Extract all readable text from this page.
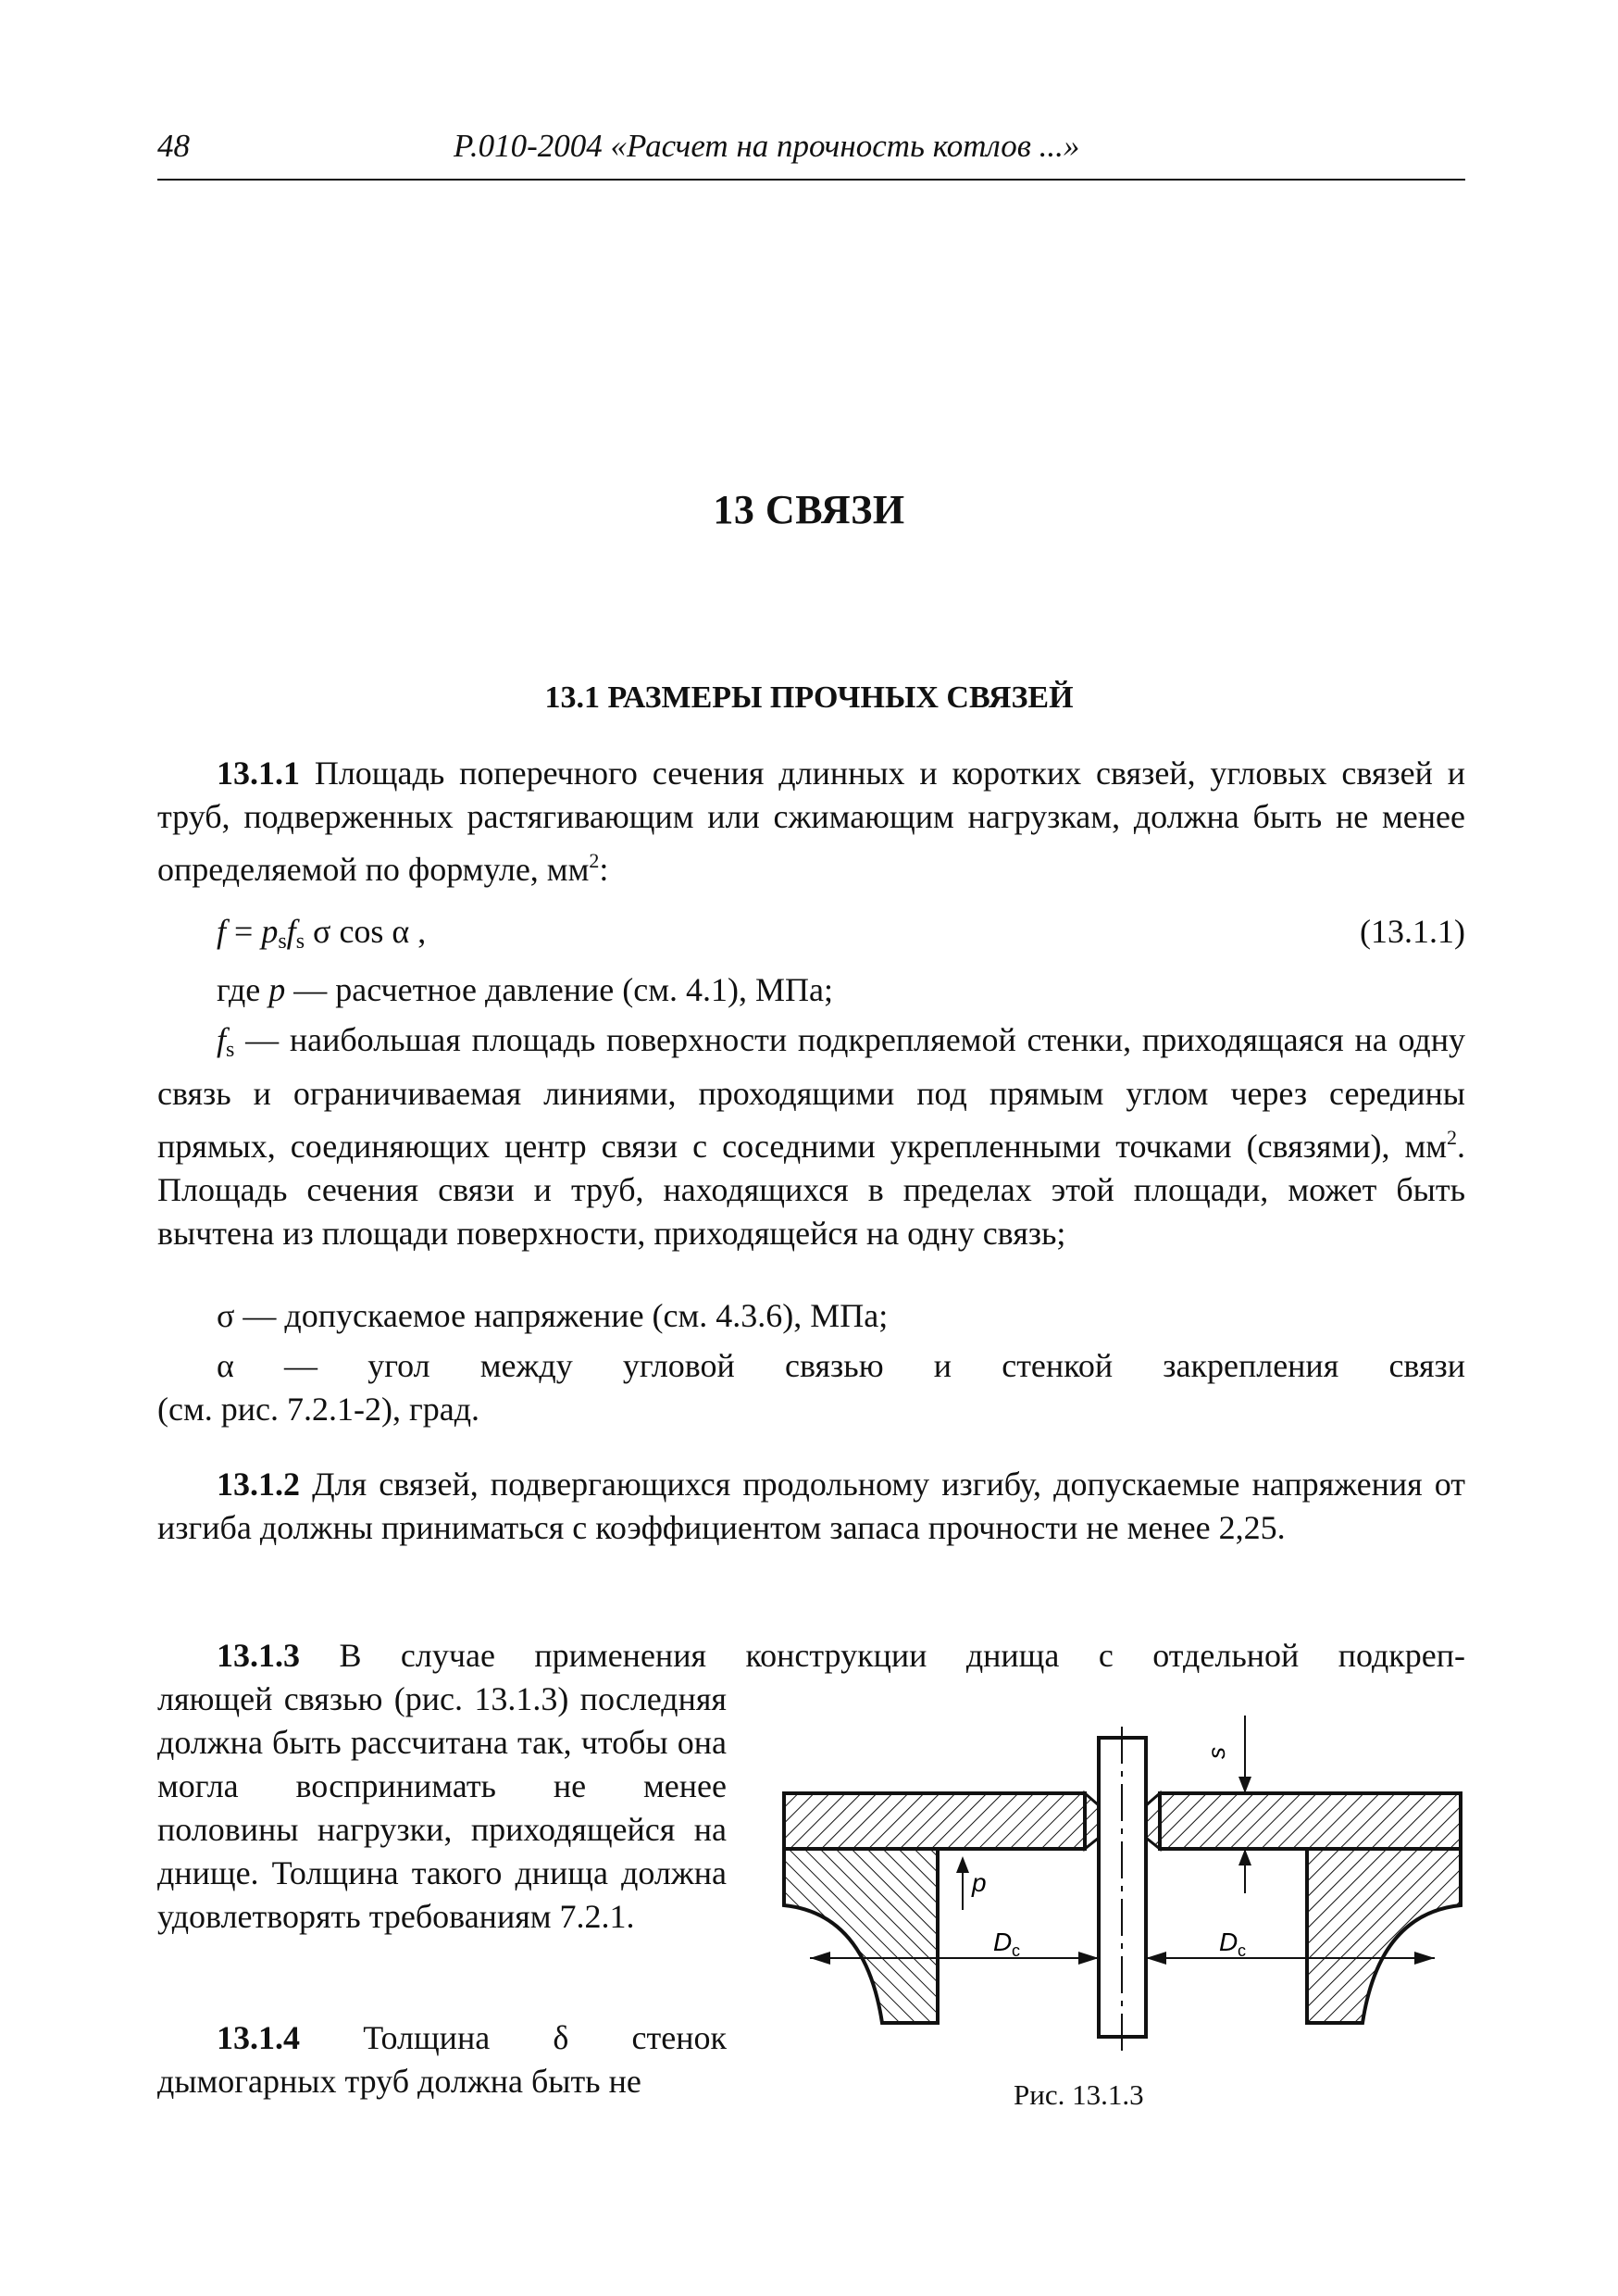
48	Р.010-2004 «Расчет на прочность котлов ...»
13 СВЯЗИ
13.1 РАЗМЕРЫ ПРОЧНЫХ СВЯЗЕЙ

13.1.1 Площадь поперечного сечения длинных и коротких связей, угловых связей и труб, подверженных растягивающим или сжимающим нагрузкам, должна быть не менее определяемой по формуле, $мм^2$:

$f = p_sf_s$ σ cos α ,	(13.1.1)

где p — расчетное давление (см. 4.1), МПа;

$f_s$ — наибольшая площадь поверхности подкрепляемой стенки, приходящаяся на одну связь и ограничиваемая линиями, проходящими под прямым углом через середины прямых, соединяющих центр связи с соседними укрепленными точками (связями), $мм^2$. Площадь сечения связи и труб, находящихся в пределах этой площади, может быть вычтена из площади поверхности, приходящейся на одну связь;

σ — допускаемое напряжение (см. 4.3.6), МПа;

α — угол между угловой связью и стенкой закрепления связи

(см. рис. 7.2.1-2), град.

13.1.2 Для связей, подвергающихся продольному изгибу, допускаемые напряжения от изгиба должны приниматься с коэффициентом запаса прочности не менее 2,25.

13.1.3 В случае применения конструкции днища с отдельной подкреп-

ляющей связью (рис. 13.1.3) последняя должна быть рассчитана так, чтобы она могла воспринимать не менее половины нагрузки, приходящейся на днище. Толщина такого днища должна удовлетворять требованиям 7.2.1.

13.1.4 Толщина δ стенок дымогарных труб должна быть не

s
p
D c	D c
Рис. 13.1.3
